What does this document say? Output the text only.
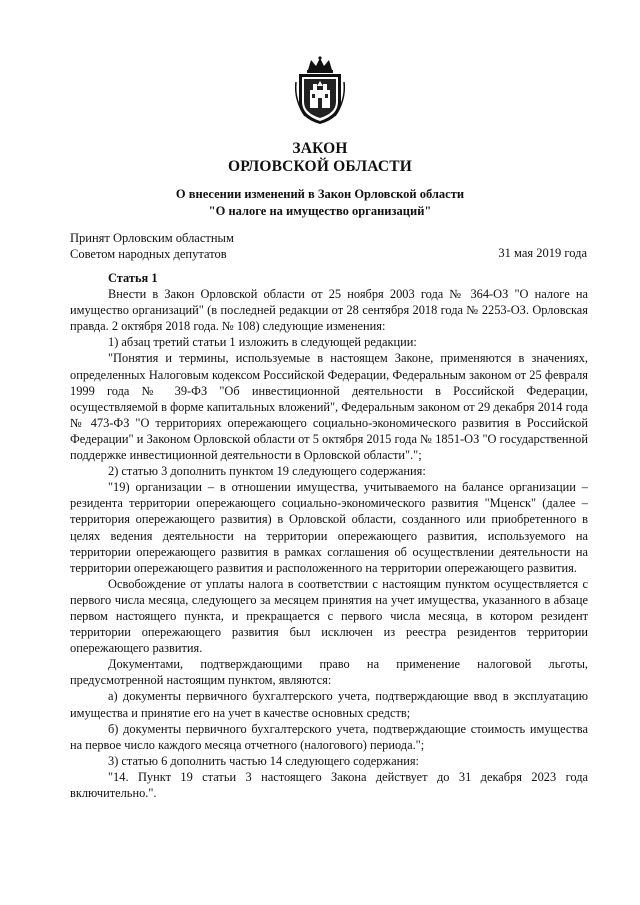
ЗАКОН
ОРЛОВСКОЙ ОБЛАСТИ
О внесении изменений в Закон Орловской области
"О налоге на имущество организаций"
Принят Орловским областным
Советом народных депутатов	31 мая 2019 года

Статья 1

Внести в Закон Орловской области от 25 ноября 2003 года № 364-ОЗ "О налоге на имущество организаций" (в последней редакции от 28 сентября 2018 года № 2253-ОЗ. Орловская правда. 2 октября 2018 года. № 108) следующие изменения:

1) абзац третий статьи 1 изложить в следующей редакции:

"Понятия и термины, используемые в настоящем Законе, применяются в значениях, определенных Налоговым кодексом Российской Федерации, Федеральным законом от 25 февраля 1999 года № 39-ФЗ "Об инвестиционной деятельности в Российской Федерации, осуществляемой в форме капитальных вложений", Федеральным законом от 29 декабря 2014 года № 473-ФЗ "О территориях опережающего социально-экономического развития в Российской Федерации" и Законом Орловской области от 5 октября 2015 года № 1851-ОЗ "О государственной поддержке инвестиционной деятельности в Орловской области".";

2) статью 3 дополнить пунктом 19 следующего содержания:

"19) организации – в отношении имущества, учитываемого на балансе организации – резидента территории опережающего социально-экономического развития "Мценск" (далее – территория опережающего развития) в Орловской области, созданного или приобретенного в целях ведения деятельности на территории опережающего развития, используемого на территории опережающего развития в рамках соглашения об осуществлении деятельности на территории опережающего развития и расположенного на территории опережающего развития.

Освобождение от уплаты налога в соответствии с настоящим пунктом осуществляется с первого числа месяца, следующего за месяцем принятия на учет имущества, указанного в абзаце первом настоящего пункта, и прекращается с первого числа месяца, в котором резидент территории опережающего развития был исключен из реестра резидентов территории опережающего развития.

Документами, подтверждающими право на применение налоговой льготы, предусмотренной настоящим пунктом, являются:

а) документы первичного бухгалтерского учета, подтверждающие ввод в эксплуатацию имущества и принятие его на учет в качестве основных средств;

б) документы первичного бухгалтерского учета, подтверждающие стоимость имущества на первое число каждого месяца отчетного (налогового) периода.";

3) статью 6 дополнить частью 14 следующего содержания:

"14. Пункт 19 статьи 3 настоящего Закона действует до 31 декабря 2023 года включительно.".
